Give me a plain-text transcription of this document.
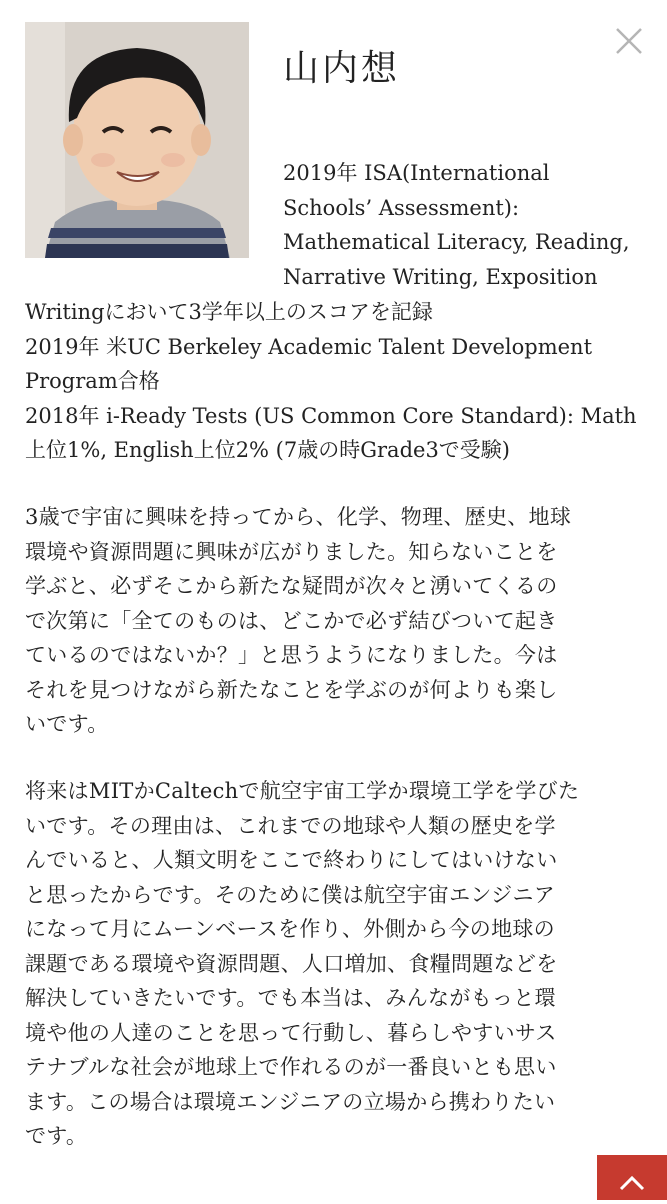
山内想

2019年 ISA(International
Schools’ Assessment):
Mathematical Literacy, Reading,
Narrative Writing, Exposition

Writingにおいて3学年以上のスコアを記録
2019年 米UC Berkeley Academic Talent Development
Program合格
2018年 i-Ready Tests (US Common Core Standard): Math
上位1%, English上位2% (7歳の時Grade3で受験)

3歳で宇宙に興味を持ってから、化学、物理、歴史、地球
環境や資源問題に興味が広がりました。知らないことを
学ぶと、必ずそこから新たな疑問が次々と湧いてくるの
で次第に「全てのものは、どこかで必ず結びついて起き
ているのではないか？」と思うようになりました。今は
それを見つけながら新たなことを学ぶのが何よりも楽し
いです。

将来はMITかCaltechで航空宇宙工学か環境工学を学びた
いです。その理由は、これまでの地球や人類の歴史を学
んでいると、人類文明をここで終わりにしてはいけない
と思ったからです。そのために僕は航空宇宙エンジニア
になって月にムーンベースを作り、外側から今の地球の
課題である環境や資源問題、人口増加、食糧問題などを
解決していきたいです。でも本当は、みんながもっと環
境や他の人達のことを思って行動し、暮らしやすいサス
テナブルな社会が地球上で作れるのが一番良いとも思い
ます。この場合は環境エンジニアの立場から携わりたい
です。
